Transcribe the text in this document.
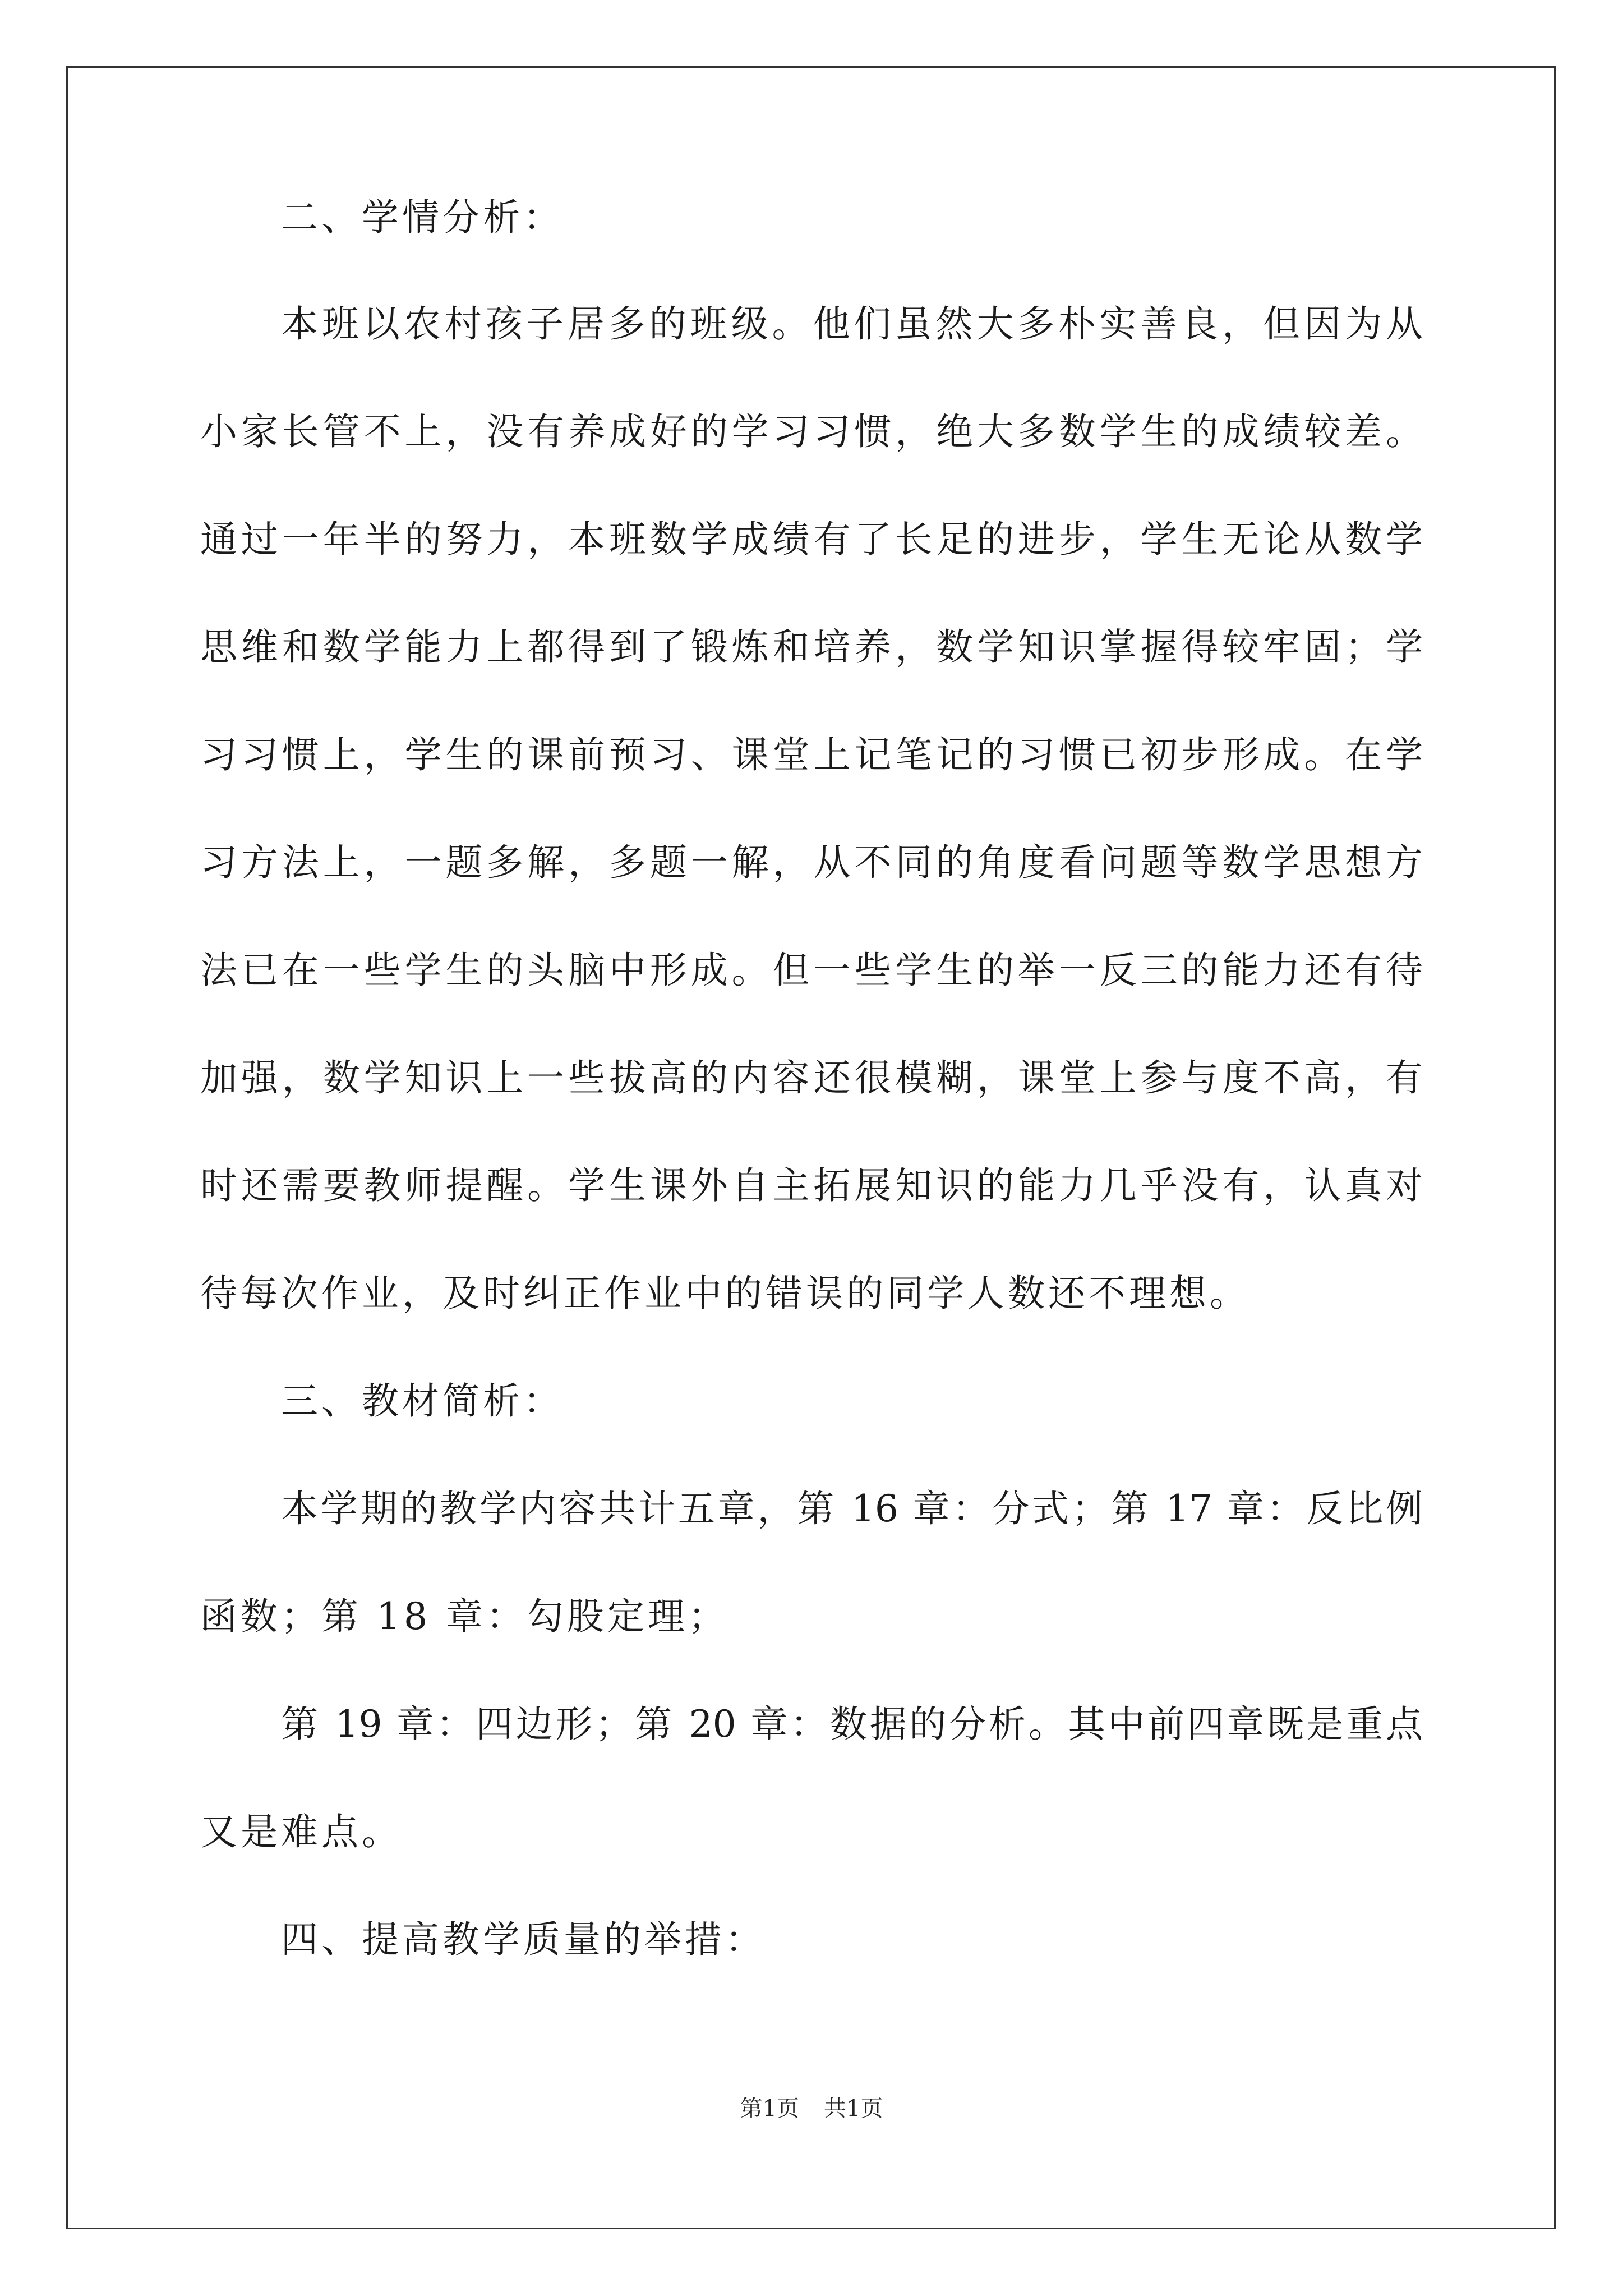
二、学情分析：
本班以农村孩子居多的班级。他们虽然大多朴实善良，但因为从
小家长管不上，没有养成好的学习习惯，绝大多数学生的成绩较差。
通过一年半的努力，本班数学成绩有了长足的进步，学生无论从数学
思维和数学能力上都得到了锻炼和培养，数学知识掌握得较牢固；学
习习惯上，学生的课前预习、课堂上记笔记的习惯已初步形成。在学
习方法上，一题多解，多题一解，从不同的角度看问题等数学思想方
法已在一些学生的头脑中形成。但一些学生的举一反三的能力还有待
加强，数学知识上一些拔高的内容还很模糊，课堂上参与度不高，有
时还需要教师提醒。学生课外自主拓展知识的能力几乎没有，认真对
待每次作业，及时纠正作业中的错误的同学人数还不理想。
三、教材简析：
本学期的教学内容共计五章，第 16 章：分式；第 17 章：反比例
函数；第 18 章：勾股定理；
第 19 章：四边形；第 20 章：数据的分析。其中前四章既是重点
又是难点。
四、提高教学质量的举措：
第1页 共1页
